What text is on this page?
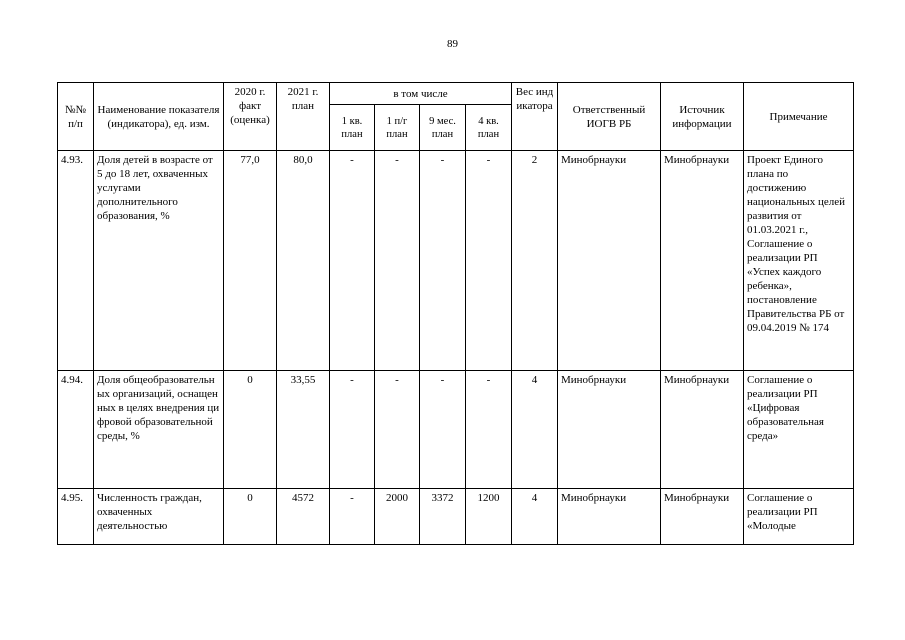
89
№№ п/п	Наименование показателя (индикатора), ед. изм.	2020 г. факт (оценка)	2021 г. план	в том числе				Вес индикатора	Ответственный ИОГВ РБ	Источник информации	Примечание
				1 кв. план	1 п/г план	9 мес. план	4 кв. план				
4.93.	Доля детей в возрасте от 5 до 18 лет, охваченных услугами дополнительного образования, %	77,0	80,0	-	-	-	-	2	Минобрнауки	Минобрнауки	Проект Единого плана по достижению национальных целей развития от 01.03.2021 г., Соглашение о реализации РП «Успех каждого ребенка», постановление Правительства РБ от 09.04.2019 № 174
4.94.	Доля общеобразовательных организаций, оснащенных в целях внедрения цифровой образовательной среды, %	0	33,55	-	-	-	-	4	Минобрнауки	Минобрнауки	Соглашение о реализации РП «Цифровая образовательная среда»
4.95.	Численность граждан, охваченных деятельностью	0	4572	-	2000	3372	1200	4	Минобрнауки	Минобрнауки	Соглашение о реализации РП «Молодые
